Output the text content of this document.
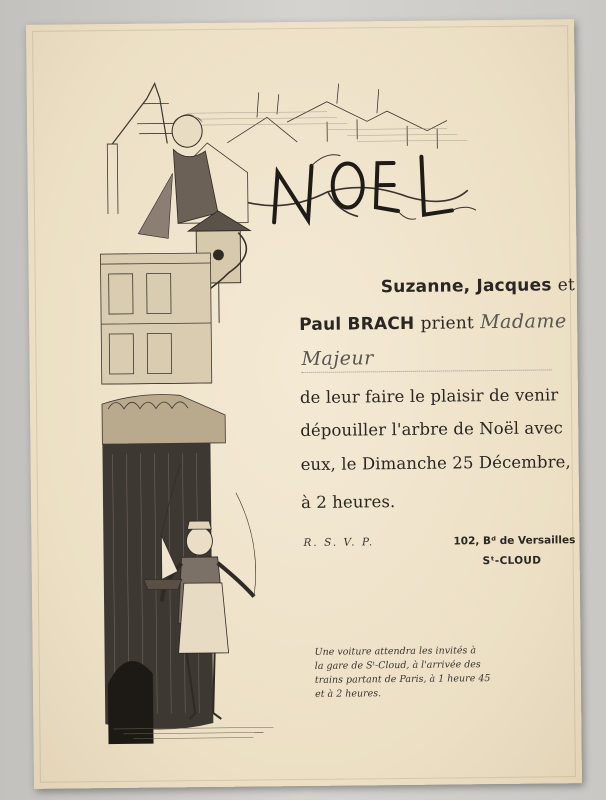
Suzanne, Jacques et
Paul BRACH prient Madame
Majeur
de leur faire le plaisir de venir
dépouiller l'arbre de Noël avec
eux, le Dimanche 25 Décembre,
à 2 heures.
R. S. V. P.	102, Bᵈ de Versailles
Sᵗ-CLOUD
Une voiture attendra les invités à
la gare de Sᵗ-Cloud, à l'arrivée des
trains partant de Paris, à 1 heure 45
et à 2 heures.
